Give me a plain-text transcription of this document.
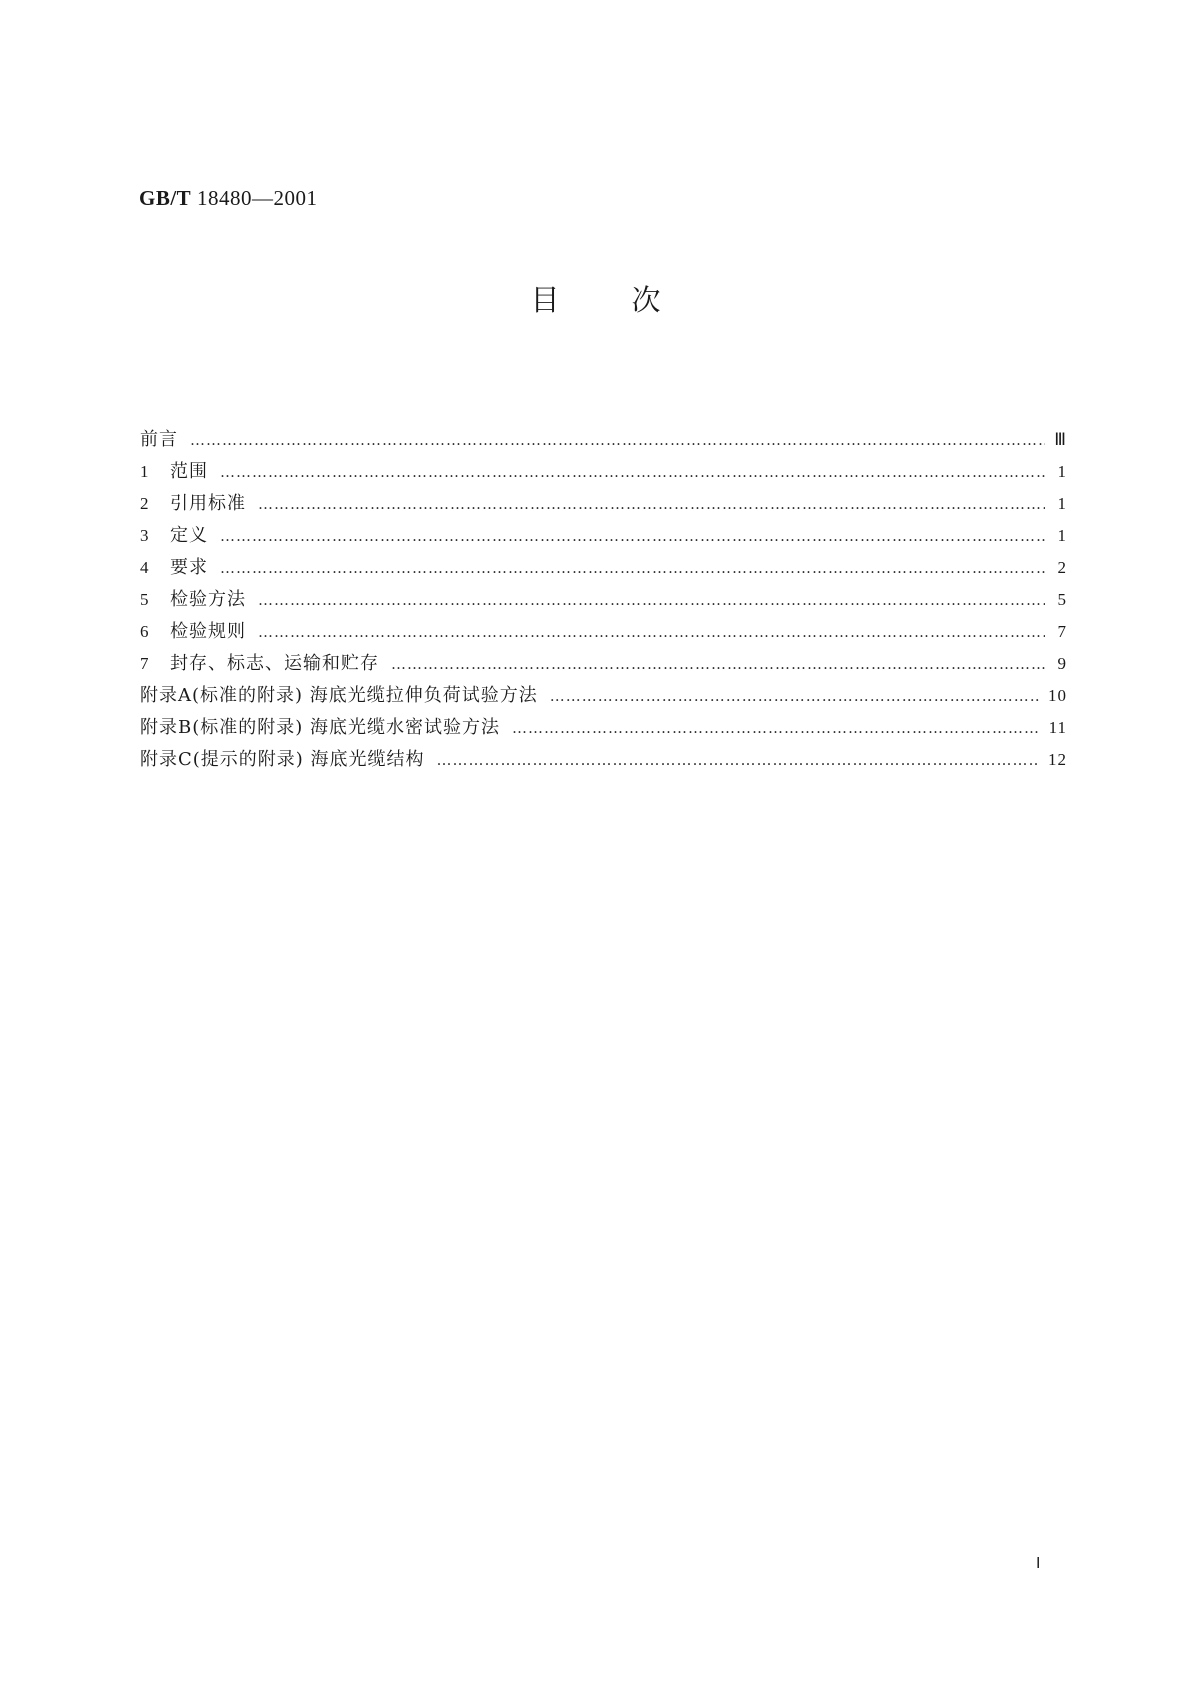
GB/T 18480—2001
目次
前言 ……………………………………………………………………………………………………………………………………………………………………………………	Ⅲ
1	范围 ……………………………………………………………………………………………………………………………………………………………………………………	1
2	引用标准 ……………………………………………………………………………………………………………………………………………………………………………………	1
3	定义 ……………………………………………………………………………………………………………………………………………………………………………………	1
4	要求 ……………………………………………………………………………………………………………………………………………………………………………………	2
5	检验方法 ……………………………………………………………………………………………………………………………………………………………………………………	5
6	检验规则 ……………………………………………………………………………………………………………………………………………………………………………………	7
7	封存、标志、运输和贮存 ……………………………………………………………………………………………………………………………………………………………………………………	9
附录A(标准的附录) 海底光缆拉伸负荷试验方法 ……………………………………………………………………………………………………………………………………………………………………………………	10
附录B(标准的附录) 海底光缆水密试验方法 ……………………………………………………………………………………………………………………………………………………………………………………	11
附录C(提示的附录) 海底光缆结构 ……………………………………………………………………………………………………………………………………………………………………………………	12
Ⅰ
